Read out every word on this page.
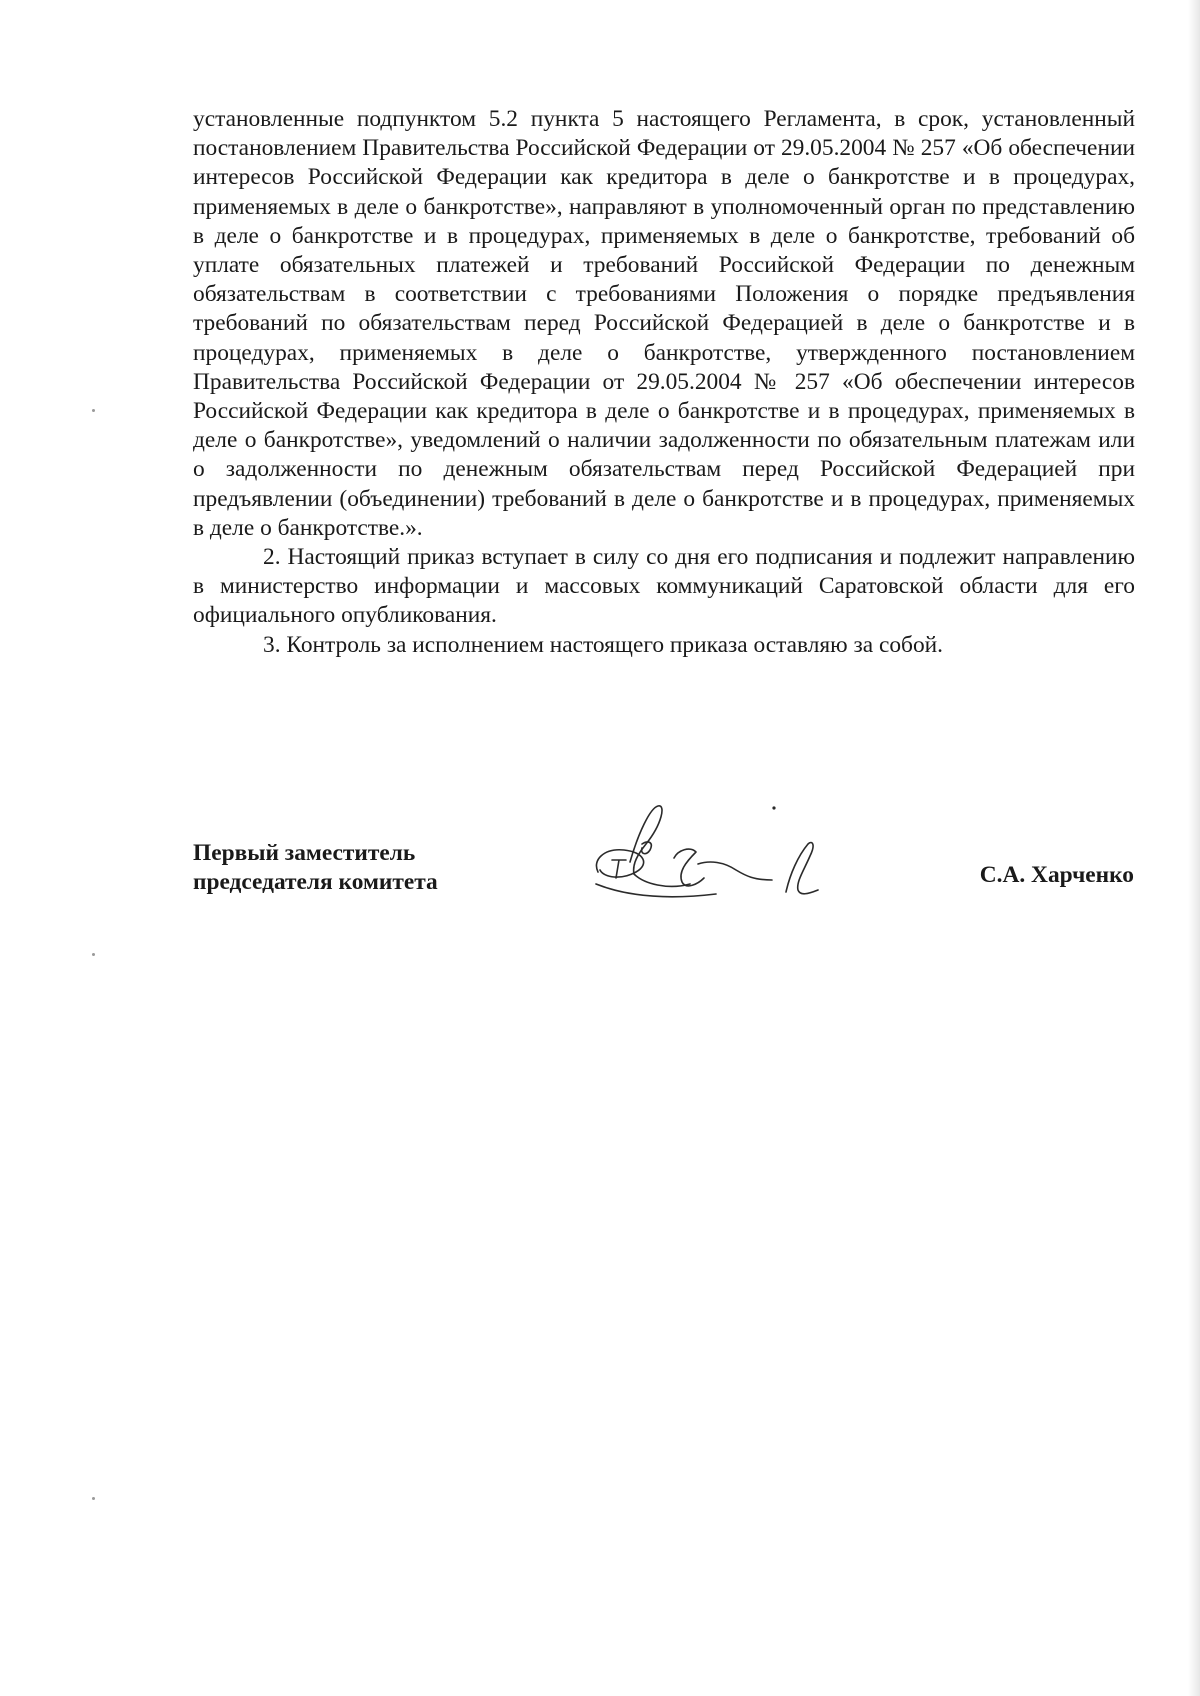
установленные подпунктом 5.2 пункта 5 настоящего Регламента, в срок, установленный постановлением Правительства Российской Федерации от 29.05.2004 № 257 «Об обеспечении интересов Российской Федерации как кредитора в деле о банкротстве и в процедурах, применяемых в деле о банкротстве», направляют в уполномоченный орган по представлению в деле о банкротстве и в процедурах, применяемых в деле о банкротстве, требований об уплате обязательных платежей и требований Российской Федерации по денежным обязательствам в соответствии с требованиями Положения о порядке предъявления требований по обязательствам перед Российской Федерацией в деле о банкротстве и в процедурах, применяемых в деле о банкротстве, утвержденного постановлением Правительства Российской Федерации от 29.05.2004 № 257 «Об обеспечении интересов Российской Федерации как кредитора в деле о банкротстве и в процедурах, применяемых в деле о банкротстве», уведомлений о наличии задолженности по обязательным платежам или о задолженности по денежным обязательствам перед Российской Федерацией при предъявлении (объединении) требований в деле о банкротстве и в процедурах, применяемых в деле о банкротстве.».

2. Настоящий приказ вступает в силу со дня его подписания и подлежит направлению в министерство информации и массовых коммуникаций Саратовской области для его официального опубликования.

3. Контроль за исполнением настоящего приказа оставляю за собой.

Первый заместитель
председателя комитета	С.А. Харченко
